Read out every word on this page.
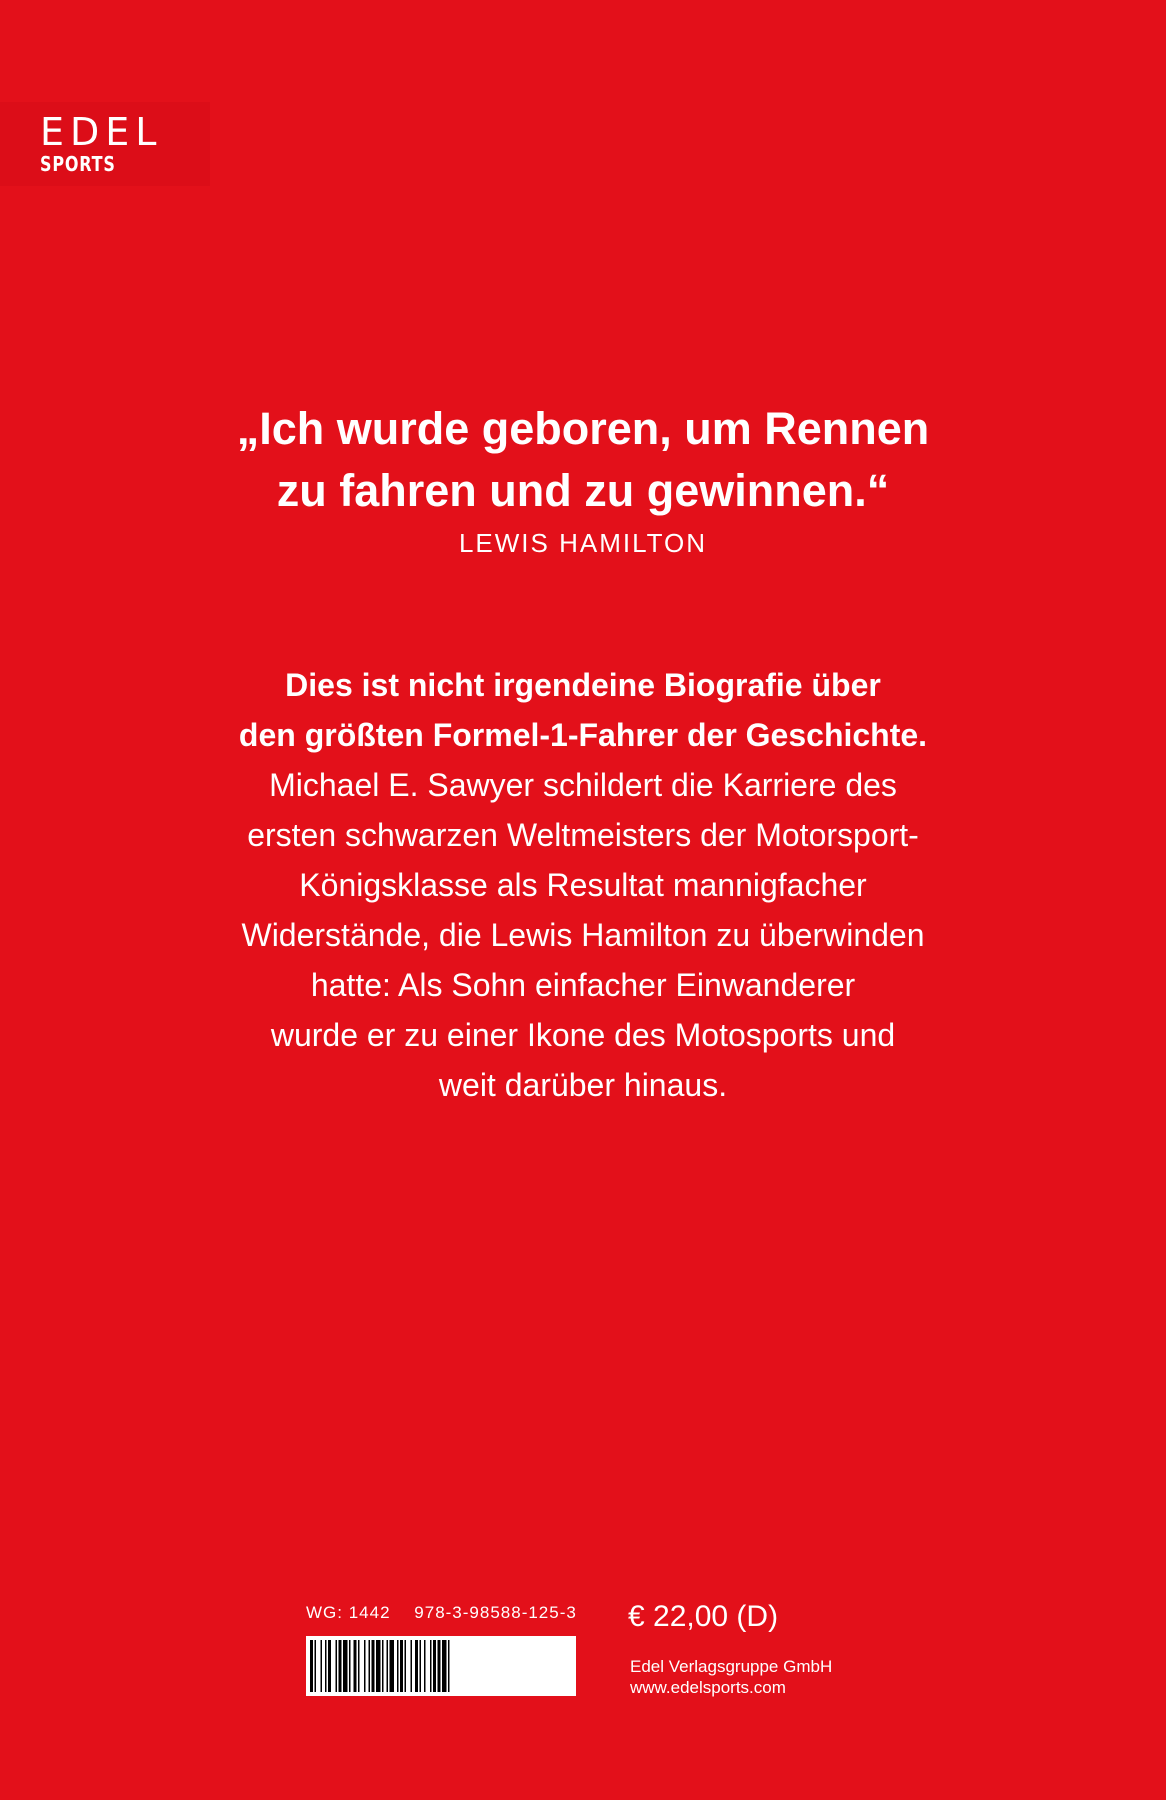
EDEL
SPORTS
„Ich wurde geboren, um Rennen
zu fahren und zu gewinnen.“
LEWIS HAMILTON
Dies ist nicht irgendeine Biografie über
den größten Formel-1-Fahrer der Geschichte.
Michael E. Sawyer schildert die Karriere des
ersten schwarzen Weltmeisters der Motorsport-
Königsklasse als Resultat mannigfacher
Widerstände, die Lewis Hamilton zu überwinden
hatte: Als Sohn einfacher Einwanderer
wurde er zu einer Ikone des Motosports und
weit darüber hinaus.
WG: 1442 978-3-98588-125-3	€ 22,00 (D)
Edel Verlagsgruppe GmbH
www.edelsports.com
